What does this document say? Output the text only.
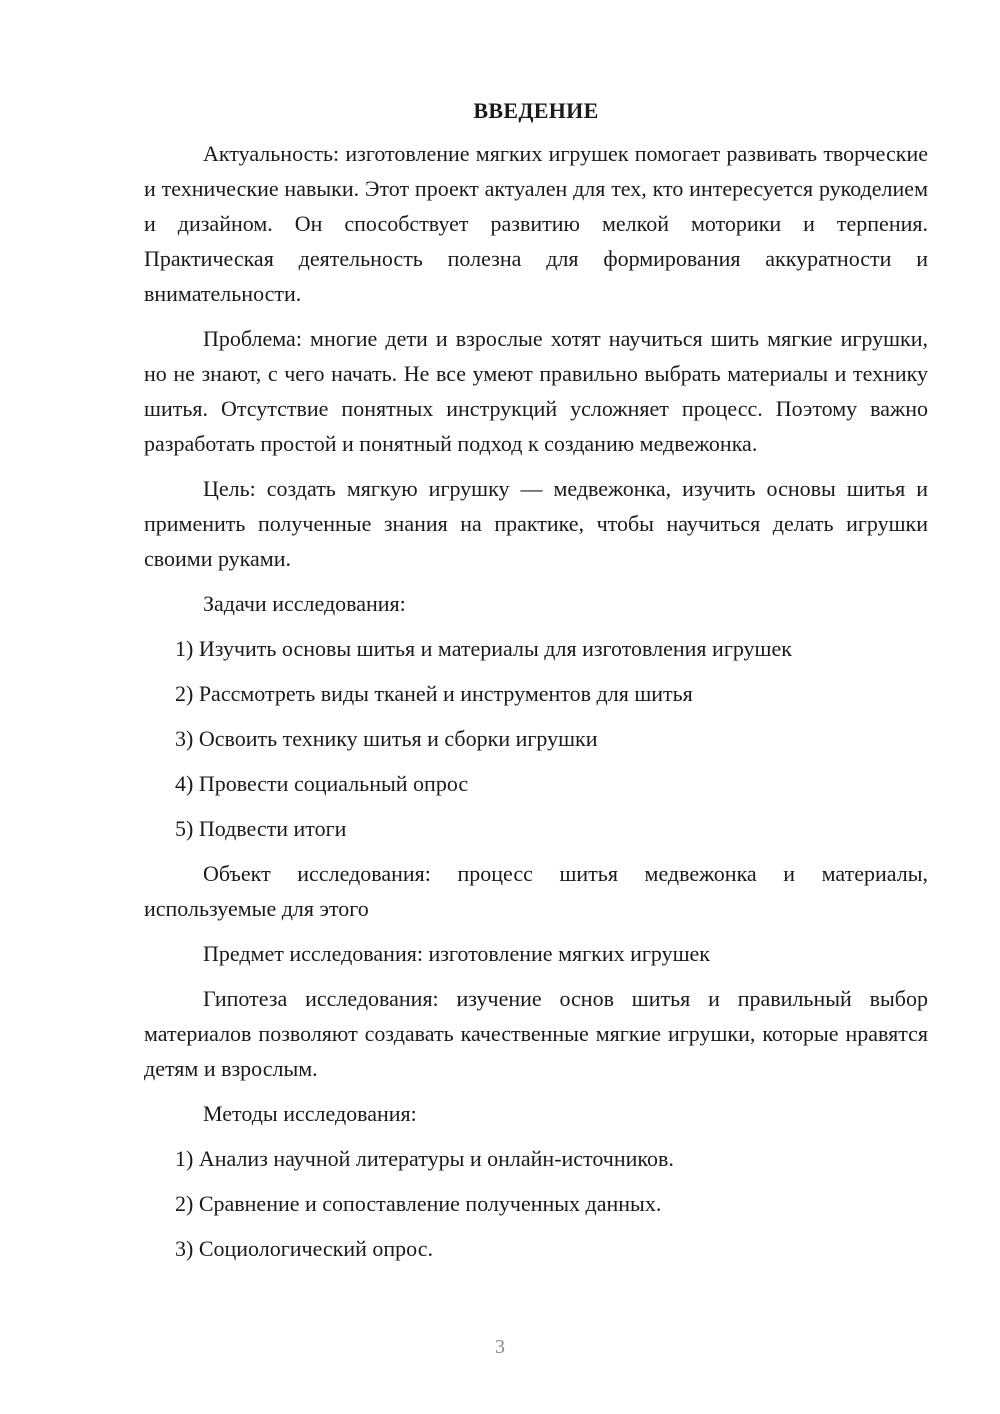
ВВЕДЕНИЕ

Актуальность: изготовление мягких игрушек помогает развивать творческие и технические навыки. Этот проект актуален для тех, кто интересуется рукоделием и дизайном. Он способствует развитию мелкой моторики и терпения. Практическая деятельность полезна для формирования аккуратности и внимательности.

Проблема: многие дети и взрослые хотят научиться шить мягкие игрушки, но не знают, с чего начать. Не все умеют правильно выбрать материалы и технику шитья. Отсутствие понятных инструкций усложняет процесс. Поэтому важно разработать простой и понятный подход к созданию медвежонка.

Цель: создать мягкую игрушку — медвежонка, изучить основы шитья и применить полученные знания на практике, чтобы научиться делать игрушки своими руками.

Задачи исследования:

1) Изучить основы шитья и материалы для изготовления игрушек
2) Рассмотреть виды тканей и инструментов для шитья
3) Освоить технику шитья и сборки игрушки
4) Провести социальный опрос
5) Подвести итоги

Объект исследования: процесс шитья медвежонка и материалы, используемые для этого

Предмет исследования: изготовление мягких игрушек

Гипотеза исследования: изучение основ шитья и правильный выбор материалов позволяют создавать качественные мягкие игрушки, которые нравятся детям и взрослым.

Методы исследования:

1) Анализ научной литературы и онлайн-источников.
2) Сравнение и сопоставление полученных данных.
3) Социологический опрос.
3
